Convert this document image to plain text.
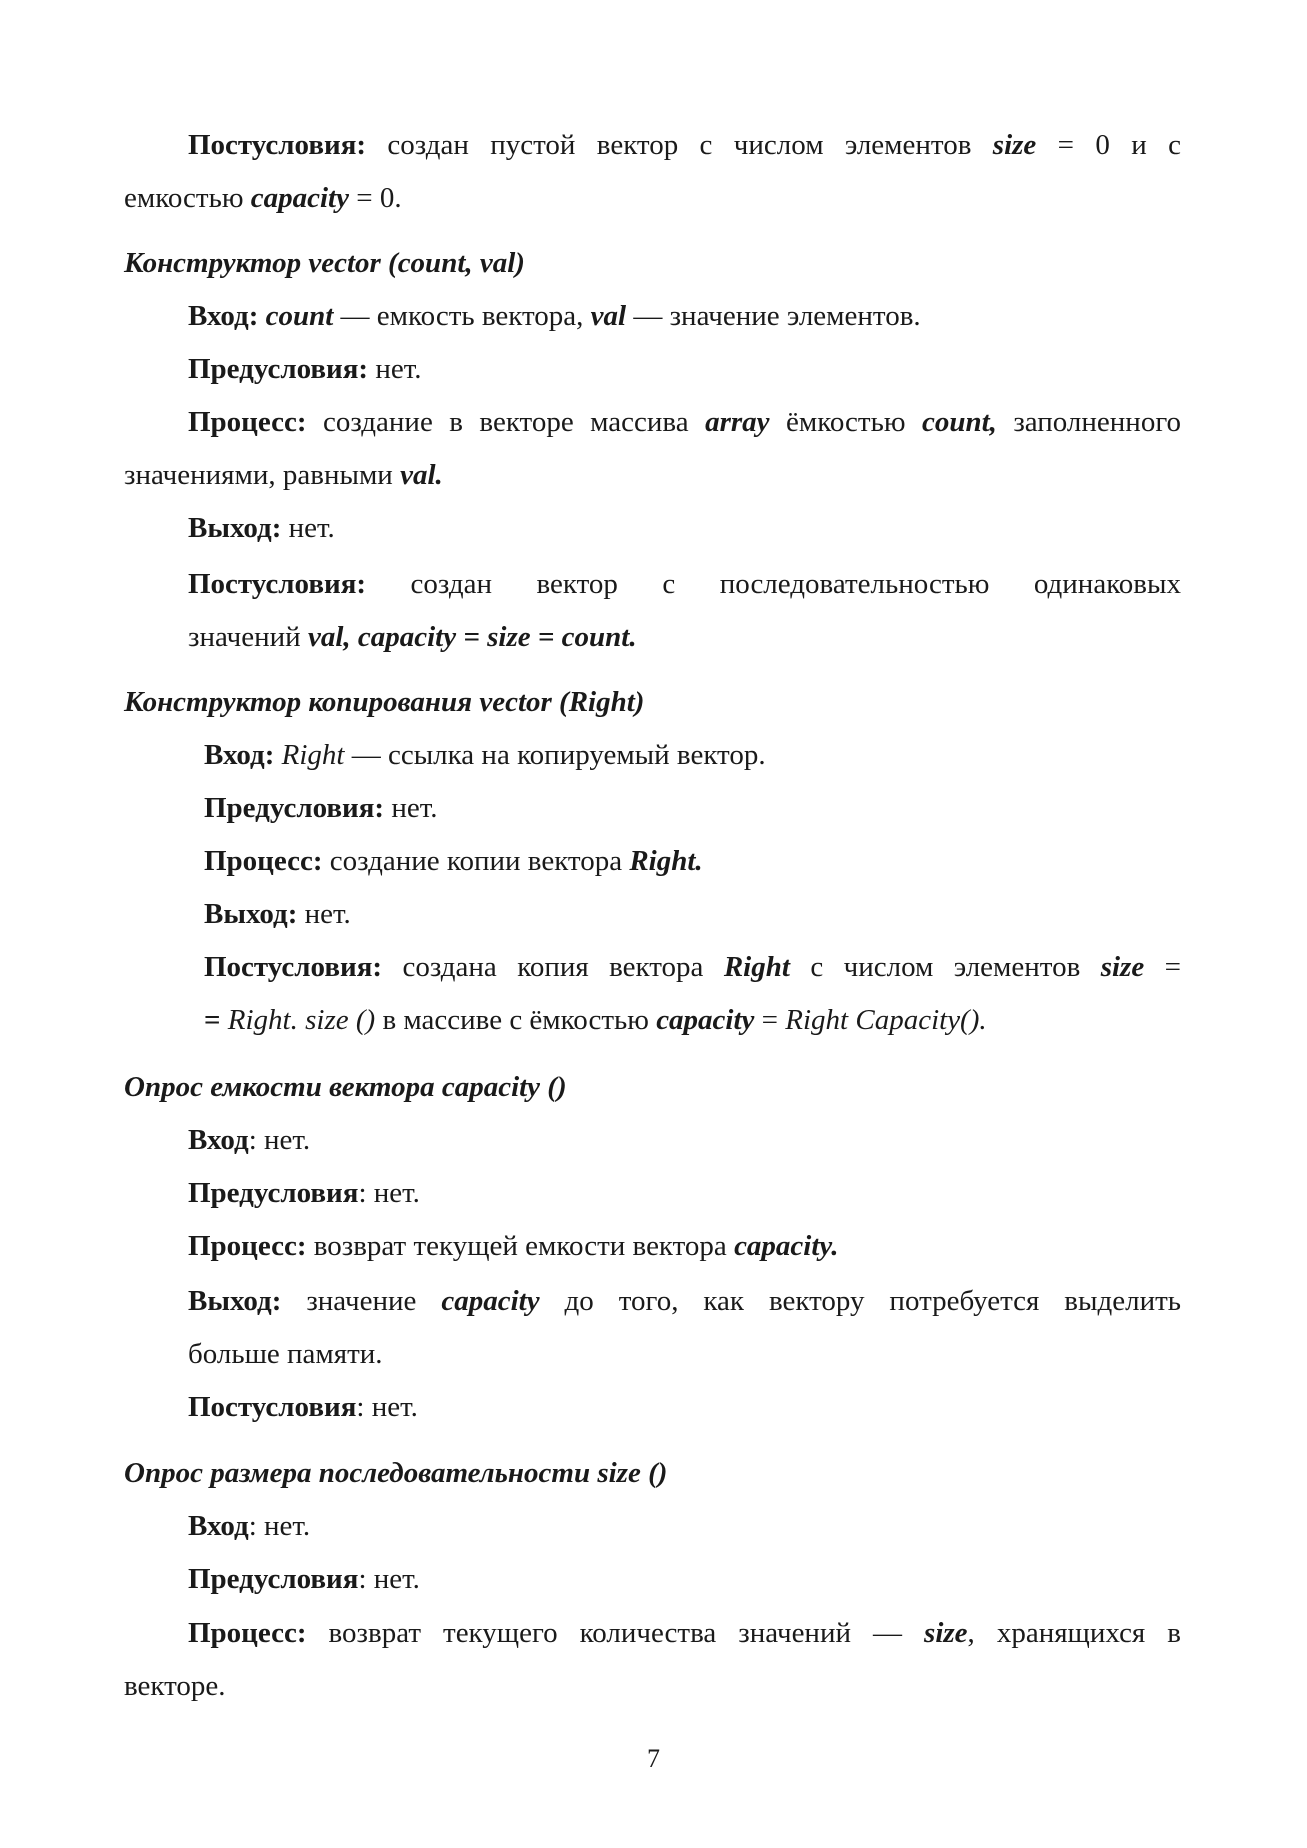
Постусловия: создан пустой вектор с числом элементов size = 0 и с
емкостью capacity = 0.
Конструктор vector (count, val)
Вход: count — емкость вектора, val — значение элементов.
Предусловия: нет.
Процесс: создание в векторе массива array ёмкостью count, заполненного
значениями, равными val.
Выход: нет.
Постусловия: создан вектор с последовательностью одинаковых
значений val, capacity = size = count.
Конструктор копирования vector (Right)
Вход: Right — ссылка на копируемый вектор.
Предусловия: нет.
Процесс: создание копии вектора Right.
Выход: нет.
Постусловия: создана копия вектора Right с числом элементов size =
= Right. size () в массиве с ёмкостью capacity = Right Capacity().
Опрос емкости вектора capacity ()
Вход: нет.
Предусловия: нет.
Процесс: возврат текущей емкости вектора capacity.
Выход: значение capacity до того, как вектору потребуется выделить
больше памяти.
Постусловия: нет.
Опрос размера последовательности size ()
Вход: нет.
Предусловия: нет.
Процесс: возврат текущего количества значений — size, хранящихся в
векторе.
7
